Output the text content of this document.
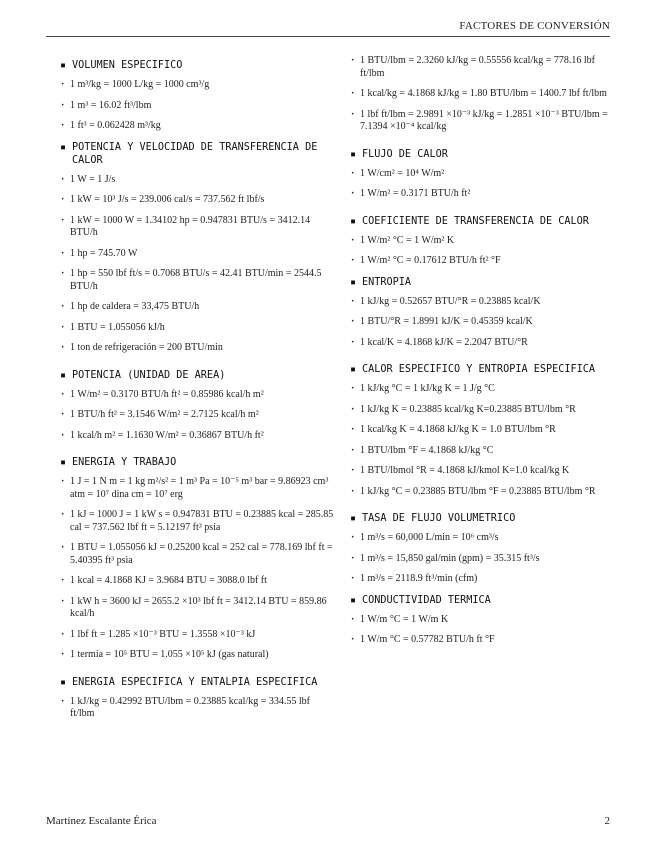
FACTORES DE CONVERSIÓN
▪ VOLUMEN ESPECIFICO
· 1 m³/kg = 1000 L/kg = 1000 cm³/g
· 1 m³ = 16.02 ft³/lbm
· 1 ft³ = 0.062428 m³/kg
▪ POTENCIA Y VELOCIDAD DE TRANSFERENCIA DE CALOR
· 1 W = 1 J/s
· 1 kW = 10³ J/s = 239.006 cal/s = 737.562 ft lbf/s
· 1 kW = 1000 W = 1.34102 hp = 0.947831 BTU/s = 3412.14 BTU/h
· 1 hp = 745.70 W
· 1 hp = 550 lbf ft/s = 0.7068 BTU/s = 42.41 BTU/min = 2544.5 BTU/h
· 1 hp de caldera = 33,475 BTU/h
· 1 BTU = 1.055056 kJ/h
· 1 ton de refrigeración = 200 BTU/min
▪ POTENCIA (UNIDAD DE AREA)
· 1 W/m² = 0.3170 BTU/h ft² = 0.85986 kcal/h m²
· 1 BTU/h ft² = 3.1546 W/m² = 2.7125 kcal/h m²
· 1 kcal/h m² = 1.1630 W/m² = 0.36867 BTU/h ft²
▪ ENERGIA Y TRABAJO
· 1 J = 1 N m = 1 kg m²/s² = 1 m³ Pa = 10⁻⁵ m³ bar = 9.86923 cm³ atm = 10⁷ dina cm = 10⁷ erg
· 1 kJ = 1000 J = 1 kW s = 0.947831 BTU = 0.23885 kcal = 285.85 cal = 737.562 lbf ft = 5.12197 ft³ psia
· 1 BTU = 1.055056 kJ = 0.25200 kcal = 252 cal = 778.169 lbf ft = 5.40395 ft³ psia
· 1 kcal = 4.1868 KJ = 3.9684 BTU = 3088.0 lbf ft
· 1 kW h = 3600 kJ = 2655.2 ×10³ lbf ft = 3412.14 BTU = 859.86 kcal/h
· 1 lbf ft = 1.285 ×10⁻³ BTU = 1.3558 ×10⁻³ kJ
· 1 termia = 10⁵ BTU = 1.055 ×10⁵ kJ (gas natural)
▪ ENERGIA ESPECIFICA Y ENTALPIA ESPECIFICA
· 1 kJ/kg = 0.42992 BTU/lbm = 0.23885 kcal/kg = 334.55 lbf ft/lbm
· 1 BTU/lbm = 2.3260 kJ/kg = 0.55556 kcal/kg = 778.16 lbf ft/lbm
· 1 kcal/kg = 4.1868 kJ/kg = 1.80 BTU/lbm = 1400.7 lbf ft/lbm
· 1 lbf ft/lbm = 2.9891 ×10⁻³ kJ/kg = 1.2851 ×10⁻³ BTU/lbm = 7.1394 ×10⁻⁴ kcal/kg
▪ FLUJO DE CALOR
· 1 W/cm² = 10⁴ W/m²
· 1 W/m² = 0.3171 BTU/h ft²
▪ COEFICIENTE DE TRANSFERENCIA DE CALOR
· 1 W/m² °C = 1 W/m² K
· 1 W/m² °C = 0.17612 BTU/h ft² °F
▪ ENTROPIA
· 1 kJ/kg = 0.52657 BTU/°R = 0.23885 kcal/K
· 1 BTU/°R = 1.8991 kJ/K = 0.45359 kcal/K
· 1 kcal/K = 4.1868 kJ/K = 2.2047 BTU/°R
▪ CALOR ESPECIFICO Y ENTROPIA ESPECIFICA
· 1 kJ/kg °C = 1 kJ/kg K = 1 J/g °C
· 1 kJ/kg K = 0.23885 kcal/kg K=0.23885 BTU/lbm °R
· 1 kcal/kg K = 4.1868 kJ/kg K = 1.0 BTU/lbm °R
· 1 BTU/lbm °F = 4.1868 kJ/kg °C
· 1 BTU/lbmol °R = 4.1868 kJ/kmol K=1.0 kcal/kg K
· 1 kJ/kg °C = 0.23885 BTU/lbm °F = 0.23885 BTU/lbm °R
▪ TASA DE FLUJO VOLUMETRICO
· 1 m³/s = 60,000 L/min = 10⁶ cm³/s
· 1 m³/s = 15,850 gal/min (gpm) = 35.315 ft³/s
· 1 m³/s = 2118.9 ft³/min (cfm)
▪ CONDUCTIVIDAD TERMICA
· 1 W/m °C = 1 W/m K
· 1 W/m °C = 0.57782 BTU/h ft °F
Martínez Escalante Érica	2
